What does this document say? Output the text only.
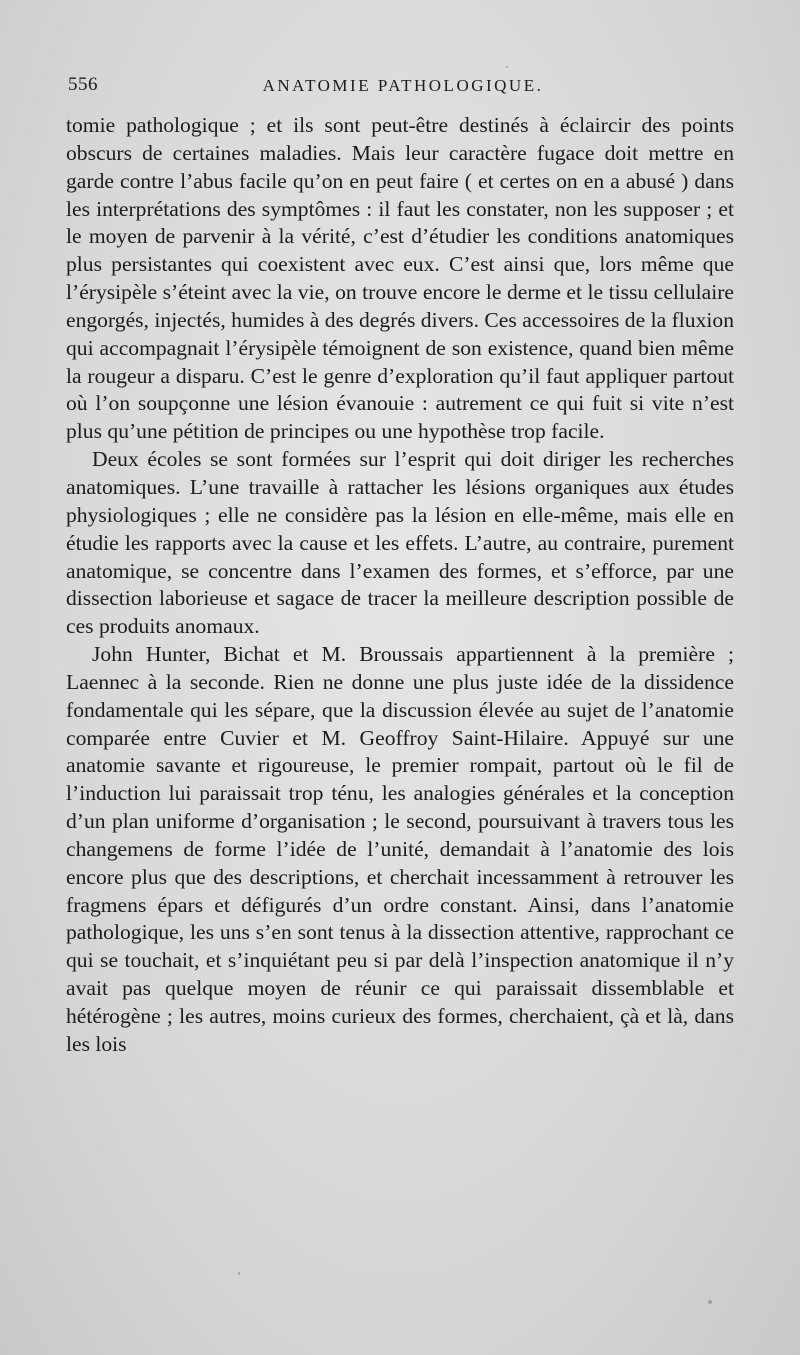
556	ANATOMIE PATHOLOGIQUE.

tomie pathologique ; et ils sont peut-être destinés à éclaircir des points obscurs de certaines maladies. Mais leur caractère fugace doit mettre en garde contre l’abus facile qu’on en peut faire ( et certes on en a abusé ) dans les interprétations des symptômes : il faut les constater, non les supposer ; et le moyen de parvenir à la vérité, c’est d’étudier les conditions anatomiques plus persistantes qui coexistent avec eux. C’est ainsi que, lors même que l’érysipèle s’éteint avec la vie, on trouve encore le derme et le tissu cellulaire engorgés, injectés, humides à des degrés divers. Ces accessoires de la fluxion qui accompagnait l’érysipèle témoignent de son existence, quand bien même la rougeur a disparu. C’est le genre d’exploration qu’il faut appliquer partout où l’on soupçonne une lésion évanouie : autrement ce qui fuit si vite n’est plus qu’une pétition de principes ou une hypothèse trop facile.

Deux écoles se sont formées sur l’esprit qui doit diriger les recherches anatomiques. L’une travaille à rattacher les lésions organiques aux études physiologiques ; elle ne considère pas la lésion en elle-même, mais elle en étudie les rapports avec la cause et les effets. L’autre, au contraire, purement anatomique, se concentre dans l’examen des formes, et s’efforce, par une dissection laborieuse et sagace de tracer la meilleure description possible de ces produits anomaux.

John Hunter, Bichat et M. Broussais appartiennent à la première ; Laennec à la seconde. Rien ne donne une plus juste idée de la dissidence fondamentale qui les sépare, que la discussion élevée au sujet de l’anatomie comparée entre Cuvier et M. Geoffroy Saint-Hilaire. Appuyé sur une anatomie savante et rigoureuse, le premier rompait, partout où le fil de l’induction lui paraissait trop ténu, les analogies générales et la conception d’un plan uniforme d’organisation ; le second, poursuivant à travers tous les changemens de forme l’idée de l’unité, demandait à l’anatomie des lois encore plus que des descriptions, et cherchait incessamment à retrouver les fragmens épars et défigurés d’un ordre constant. Ainsi, dans l’anatomie pathologique, les uns s’en sont tenus à la dissection attentive, rapprochant ce qui se touchait, et s’inquiétant peu si par delà l’inspection anatomique il n’y avait pas quelque moyen de réunir ce qui paraissait dissemblable et hétérogène ; les autres, moins curieux des formes, cherchaient, çà et là, dans les lois
